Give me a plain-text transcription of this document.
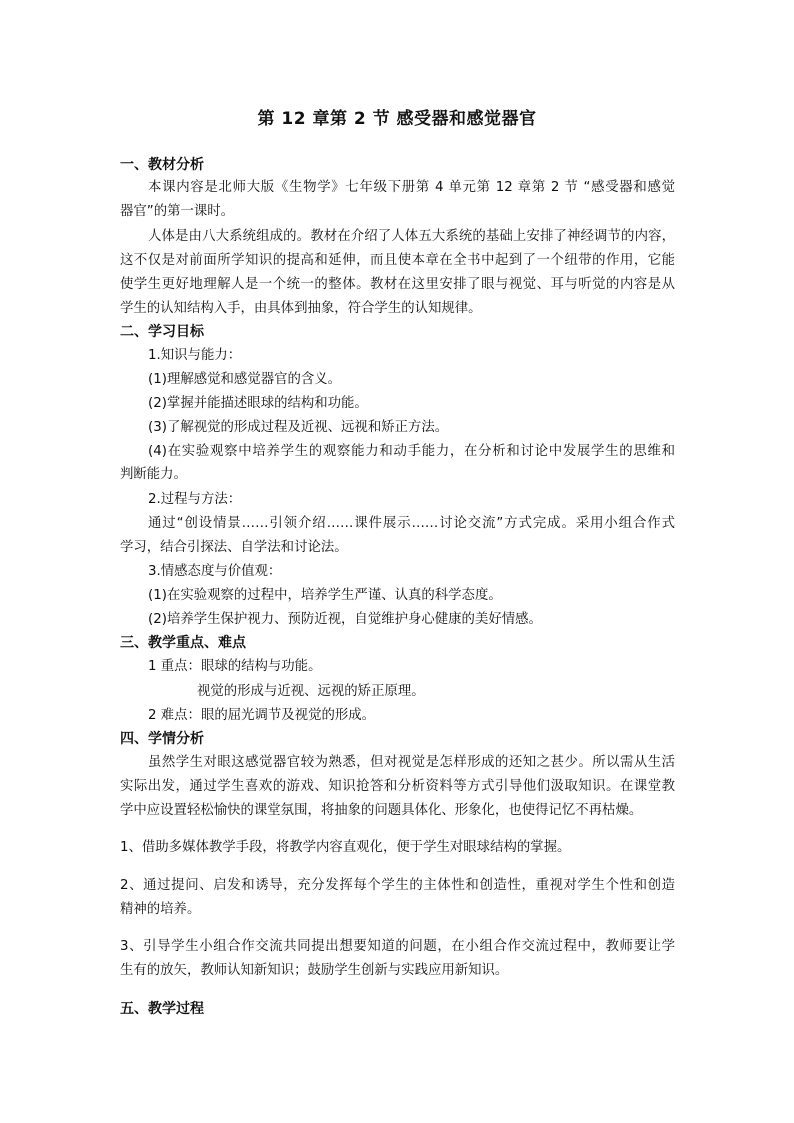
第 12 章第 2 节 感受器和感觉器官
一、教材分析
本课内容是北师大版《生物学》七年级下册第 4 单元第 12 章第 2 节 “感受器和感觉
器官”的第一课时。
人体是由八大系统组成的。教材在介绍了人体五大系统的基础上安排了神经调节的内容，
这不仅是对前面所学知识的提高和延伸，而且使本章在全书中起到了一个纽带的作用，它能
使学生更好地理解人是一个统一的整体。教材在这里安排了眼与视觉、耳与听觉的内容是从
学生的认知结构入手，由具体到抽象，符合学生的认知规律。
二、学习目标
1.知识与能力：
(1)理解感觉和感觉器官的含义。
(2)掌握并能描述眼球的结构和功能。
(3)了解视觉的形成过程及近视、远视和矫正方法。
(4)在实验观察中培养学生的观察能力和动手能力，在分析和讨论中发展学生的思维和
判断能力。
2.过程与方法：
通过“创设情景……引领介绍……课件展示……讨论交流”方式完成。采用小组合作式
学习，结合引探法、自学法和讨论法。
3.情感态度与价值观：
(1)在实验观察的过程中，培养学生严谨、认真的科学态度。
(2)培养学生保护视力、预防近视，自觉维护身心健康的美好情感。
三、教学重点、难点
1 重点：眼球的结构与功能。
视觉的形成与近视、远视的矫正原理。
2 难点：眼的屈光调节及视觉的形成。
四、学情分析
虽然学生对眼这感觉器官较为熟悉，但对视觉是怎样形成的还知之甚少。所以需从生活
实际出发，通过学生喜欢的游戏、知识抢答和分析资料等方式引导他们汲取知识。在课堂教
学中应设置轻松愉快的课堂氛围，将抽象的问题具体化、形象化，也使得记忆不再枯燥。
1、借助多媒体教学手段，将教学内容直观化，便于学生对眼球结构的掌握。
2、通过提问、启发和诱导，充分发挥每个学生的主体性和创造性，重视对学生个性和创造
精神的培养。
3、引导学生小组合作交流共同提出想要知道的问题，在小组合作交流过程中，教师要让学
生有的放矢，教师认知新知识；鼓励学生创新与实践应用新知识。
五、教学过程
